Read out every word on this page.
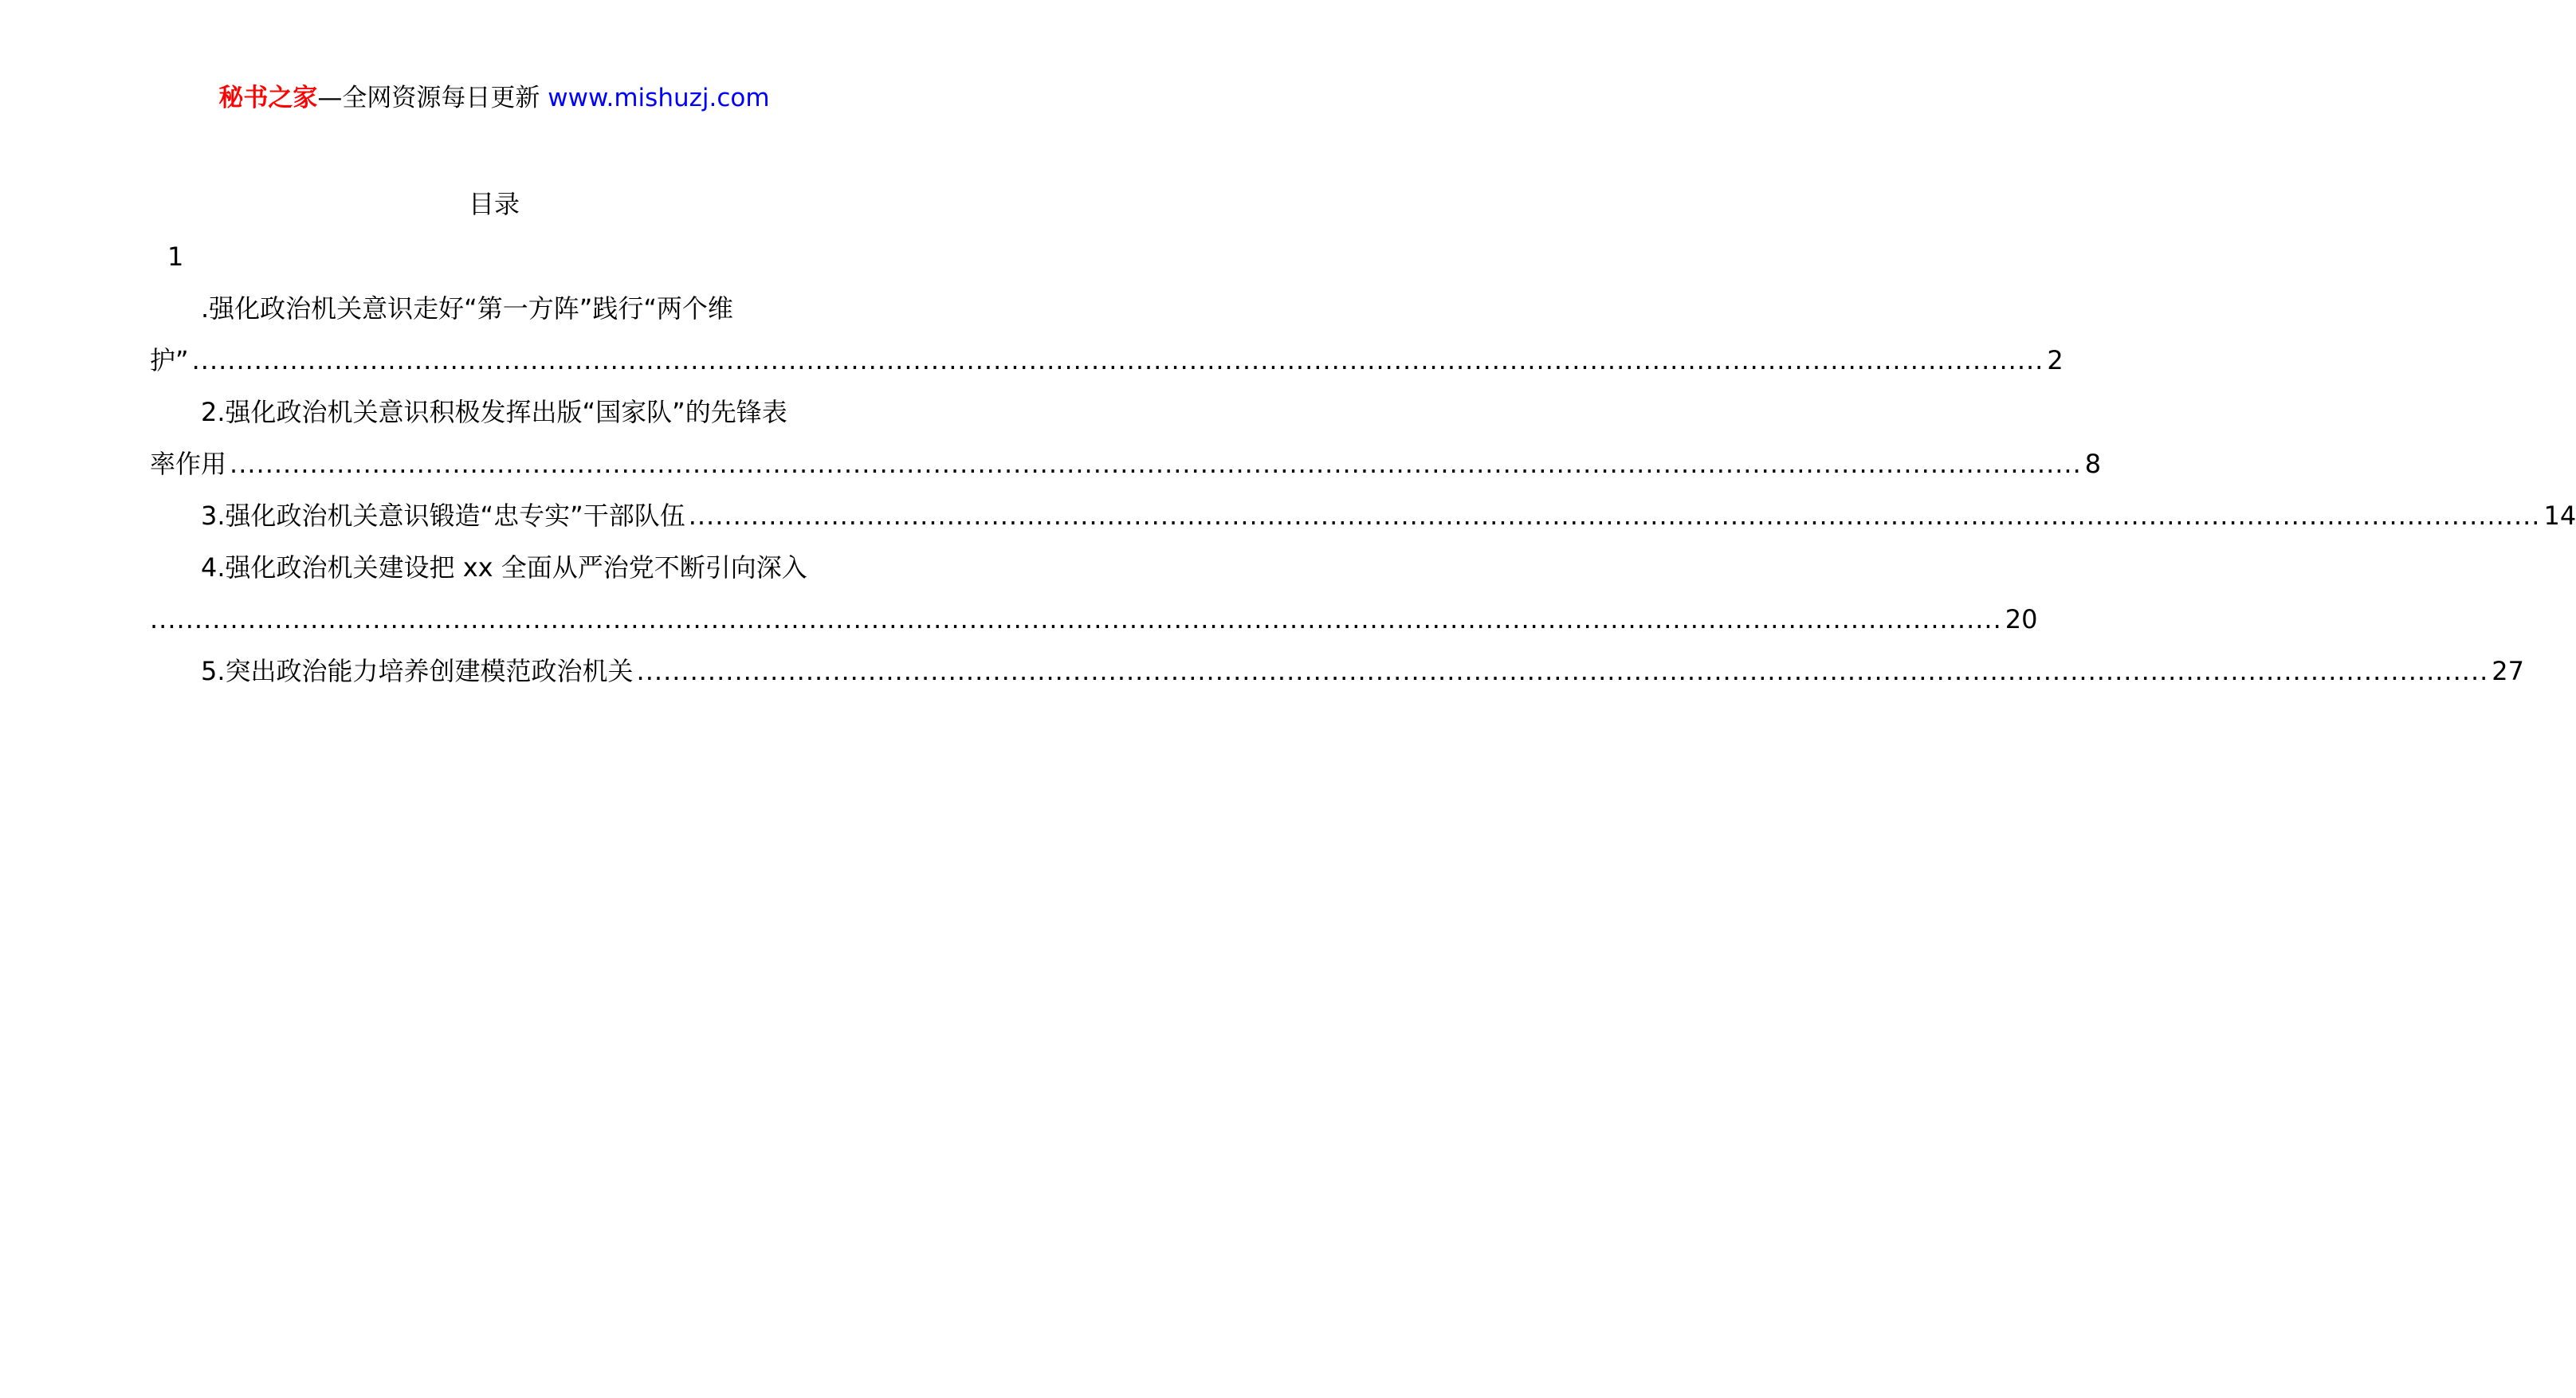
秘书之家—全网资源每日更新 www.mishuzj.com
目录
1
.强化政治机关意识走好“第一方阵”践行“两个维
护” ................................................................................................................................................................................................................ 2
2.强化政治机关意识积极发挥出版“国家队”的先锋表
率作用 ................................................................................................................................................................................................................ 8
3.强化政治机关意识锻造“忠专实”干部队伍 ................................................................................................................................................................................................................ 14
4.强化政治机关建设把 xx 全面从严治党不断引向深入
................................................................................................................................................................................................................ 20
5.突出政治能力培养创建模范政治机关 ................................................................................................................................................................................................................ 27
